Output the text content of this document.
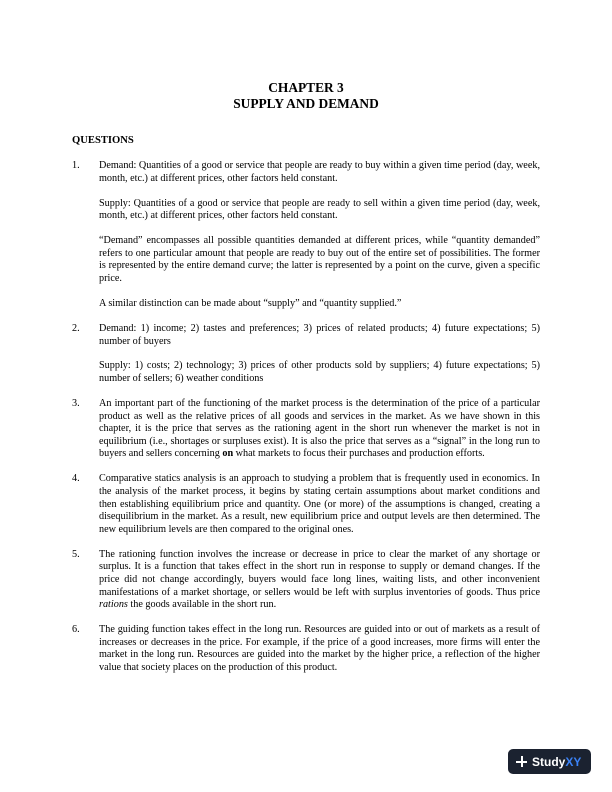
CHAPTER 3
SUPPLY AND DEMAND
QUESTIONS
1.	Demand: Quantities of a good or service that people are ready to buy within a given time period (day, week, month, etc.) at different prices, other factors held constant.

Supply: Quantities of a good or service that people are ready to sell within a given time period (day, week, month, etc.) at different prices, other factors held constant.

“Demand” encompasses all possible quantities demanded at different prices, while “quantity demanded” refers to one particular amount that people are ready to buy out of the entire set of possibilities. The former is represented by the entire demand curve; the latter is represented by a point on the curve, given a specific price.

A similar distinction can be made about “supply” and “quantity supplied.”

2.	Demand: 1) income; 2) tastes and preferences; 3) prices of related products; 4) future expectations; 5) number of buyers

Supply: 1) costs; 2) technology; 3) prices of other products sold by suppliers; 4) future expectations; 5) number of sellers; 6) weather conditions

3.	An important part of the functioning of the market process is the determination of the price of a particular product as well as the relative prices of all goods and services in the market. As we have shown in this chapter, it is the price that serves as the rationing agent in the short run whenever the market is not in equilibrium (i.e., shortages or surpluses exist). It is also the price that serves as a “signal” in the long run to buyers and sellers concerning on what markets to focus their purchases and production efforts.

4.	Comparative statics analysis is an approach to studying a problem that is frequently used in economics. In the analysis of the market process, it begins by stating certain assumptions about market conditions and then establishing equilibrium price and quantity. One (or more) of the assumptions is changed, creating a disequilibrium in the market. As a result, new equilibrium price and output levels are then determined. The new equilibrium levels are then compared to the original ones.

5.	The rationing function involves the increase or decrease in price to clear the market of any shortage or surplus. It is a function that takes effect in the short run in response to supply or demand changes. If the price did not change accordingly, buyers would face long lines, waiting lists, and other inconvenient manifestations of a market shortage, or sellers would be left with surplus inventories of goods. Thus price rations the goods available in the short run.

6.	The guiding function takes effect in the long run. Resources are guided into or out of markets as a result of increases or decreases in the price. For example, if the price of a good increases, more firms will enter the market in the long run. Resources are guided into the market by the higher price, a reflection of the higher value that society places on the production of this product.

Study XY
